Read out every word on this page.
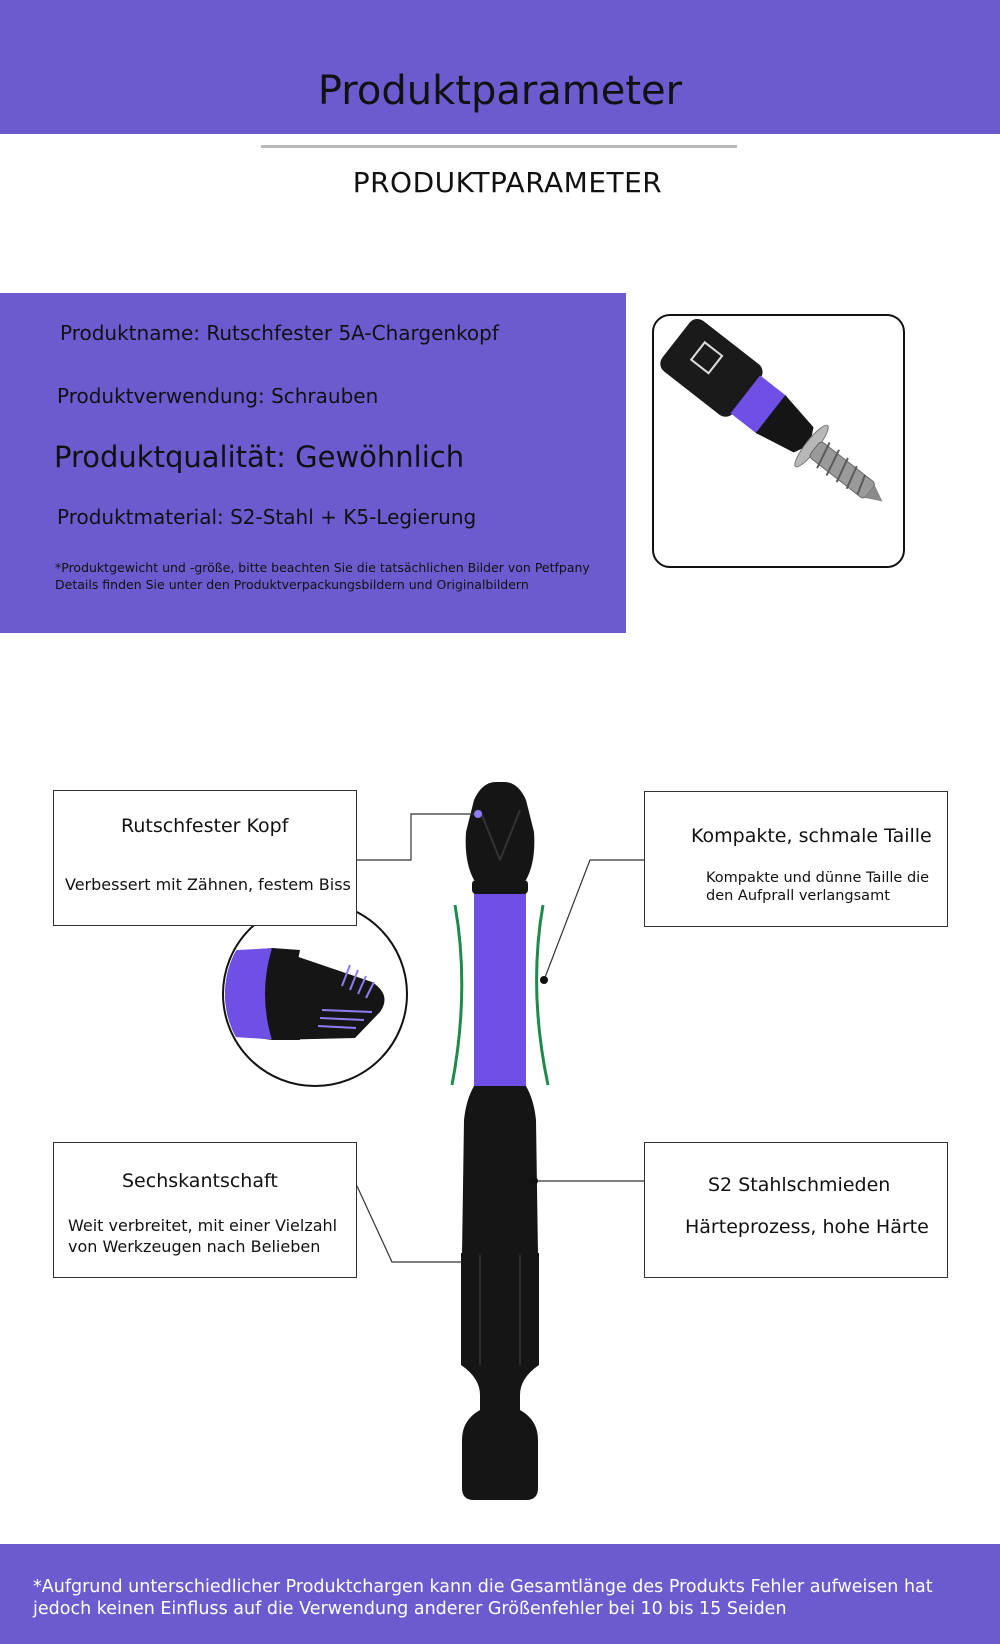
Produktparameter
PRODUKTPARAMETER
Produktname: Rutschfester 5A-Chargenkopf
Produktverwendung: Schrauben
Produktqualität: Gewöhnlich
Produktmaterial: S2-Stahl + K5-Legierung
*Produktgewicht und -größe, bitte beachten Sie die tatsächlichen Bilder von Petfpany
Details finden Sie unter den Produktverpackungsbildern und Originalbildern
Rutschfester Kopf
Verbessert mit Zähnen, festem Biss
Kompakte, schmale Taille
Kompakte und dünne Taille die
den Aufprall verlangsamt
Sechskantschaft
Weit verbreitet, mit einer Vielzahl
von Werkzeugen nach Belieben
S2 Stahlschmieden
Härteprozess, hohe Härte
*Aufgrund unterschiedlicher Produktchargen kann die Gesamtlänge des Produkts Fehler aufweisen hat
jedoch keinen Einfluss auf die Verwendung anderer Größenfehler bei 10 bis 15 Seiden
